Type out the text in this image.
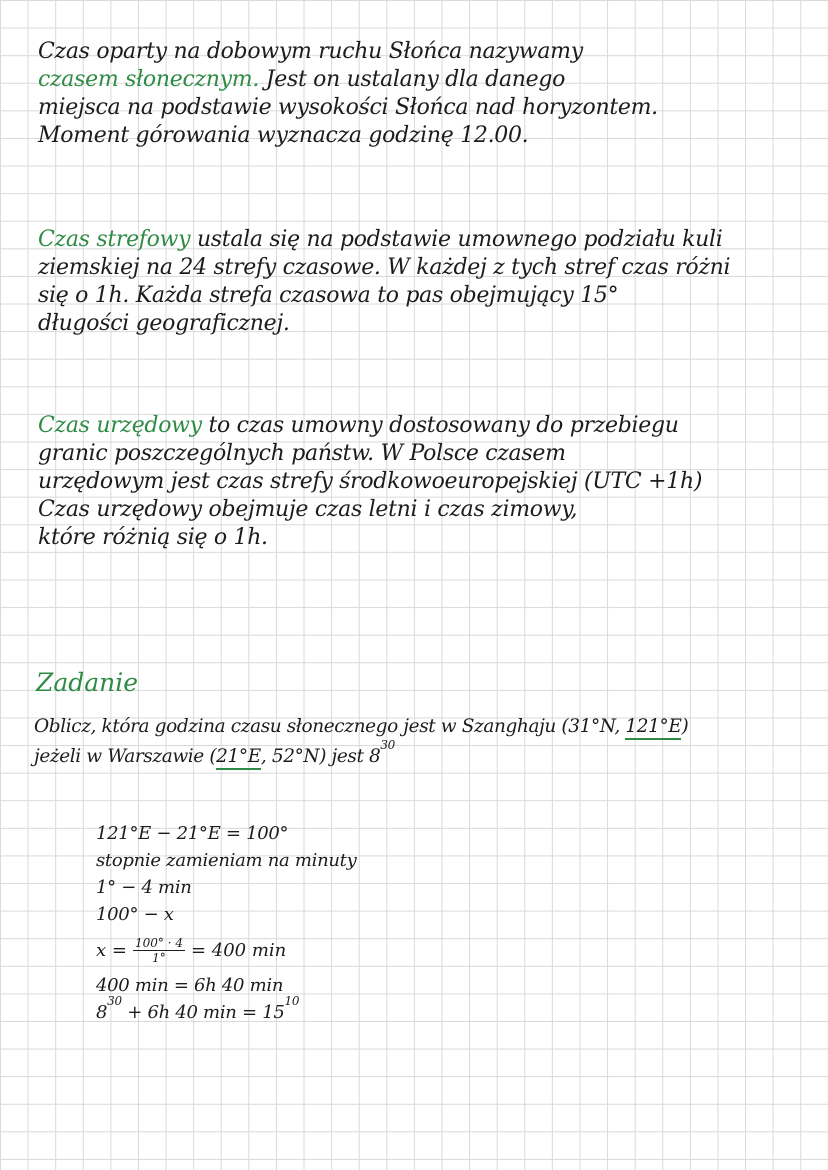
Czas oparty na dobowym ruchu Słońca nazywamy
czasem słonecznym. Jest on ustalany dla danego
miejsca na podstawie wysokości Słońca nad horyzontem.
Moment górowania wyznacza godzinę 12.00.
Czas strefowy ustala się na podstawie umownego podziału kuli
ziemskiej na 24 strefy czasowe. W każdej z tych stref czas różni
się o 1h. Każda strefa czasowa to pas obejmujący 15°
długości geograficznej.
Czas urzędowy to czas umowny dostosowany do przebiegu
granic poszczególnych państw. W Polsce czasem
urzędowym jest czas strefy środkowoeuropejskiej (UTC +1h)
Czas urzędowy obejmuje czas letni i czas zimowy,
które różnią się o 1h.
Zadanie
Oblicz, która godzina czasu słonecznego jest w Szanghaju (31°N, 121°E)
jeżeli w Warszawie (21°E, 52°N) jest $8^{30}$
121°E − 21°E = 100°
stopnie zamieniam na minuty
1° − 4 min
100° − x
$x = \frac{100^\circ \cdot 4}{1^\circ} = 400$ min
400 min = 6h 40 min
$8^{30} + 6h$ 40 $\min = 15^{10}$
